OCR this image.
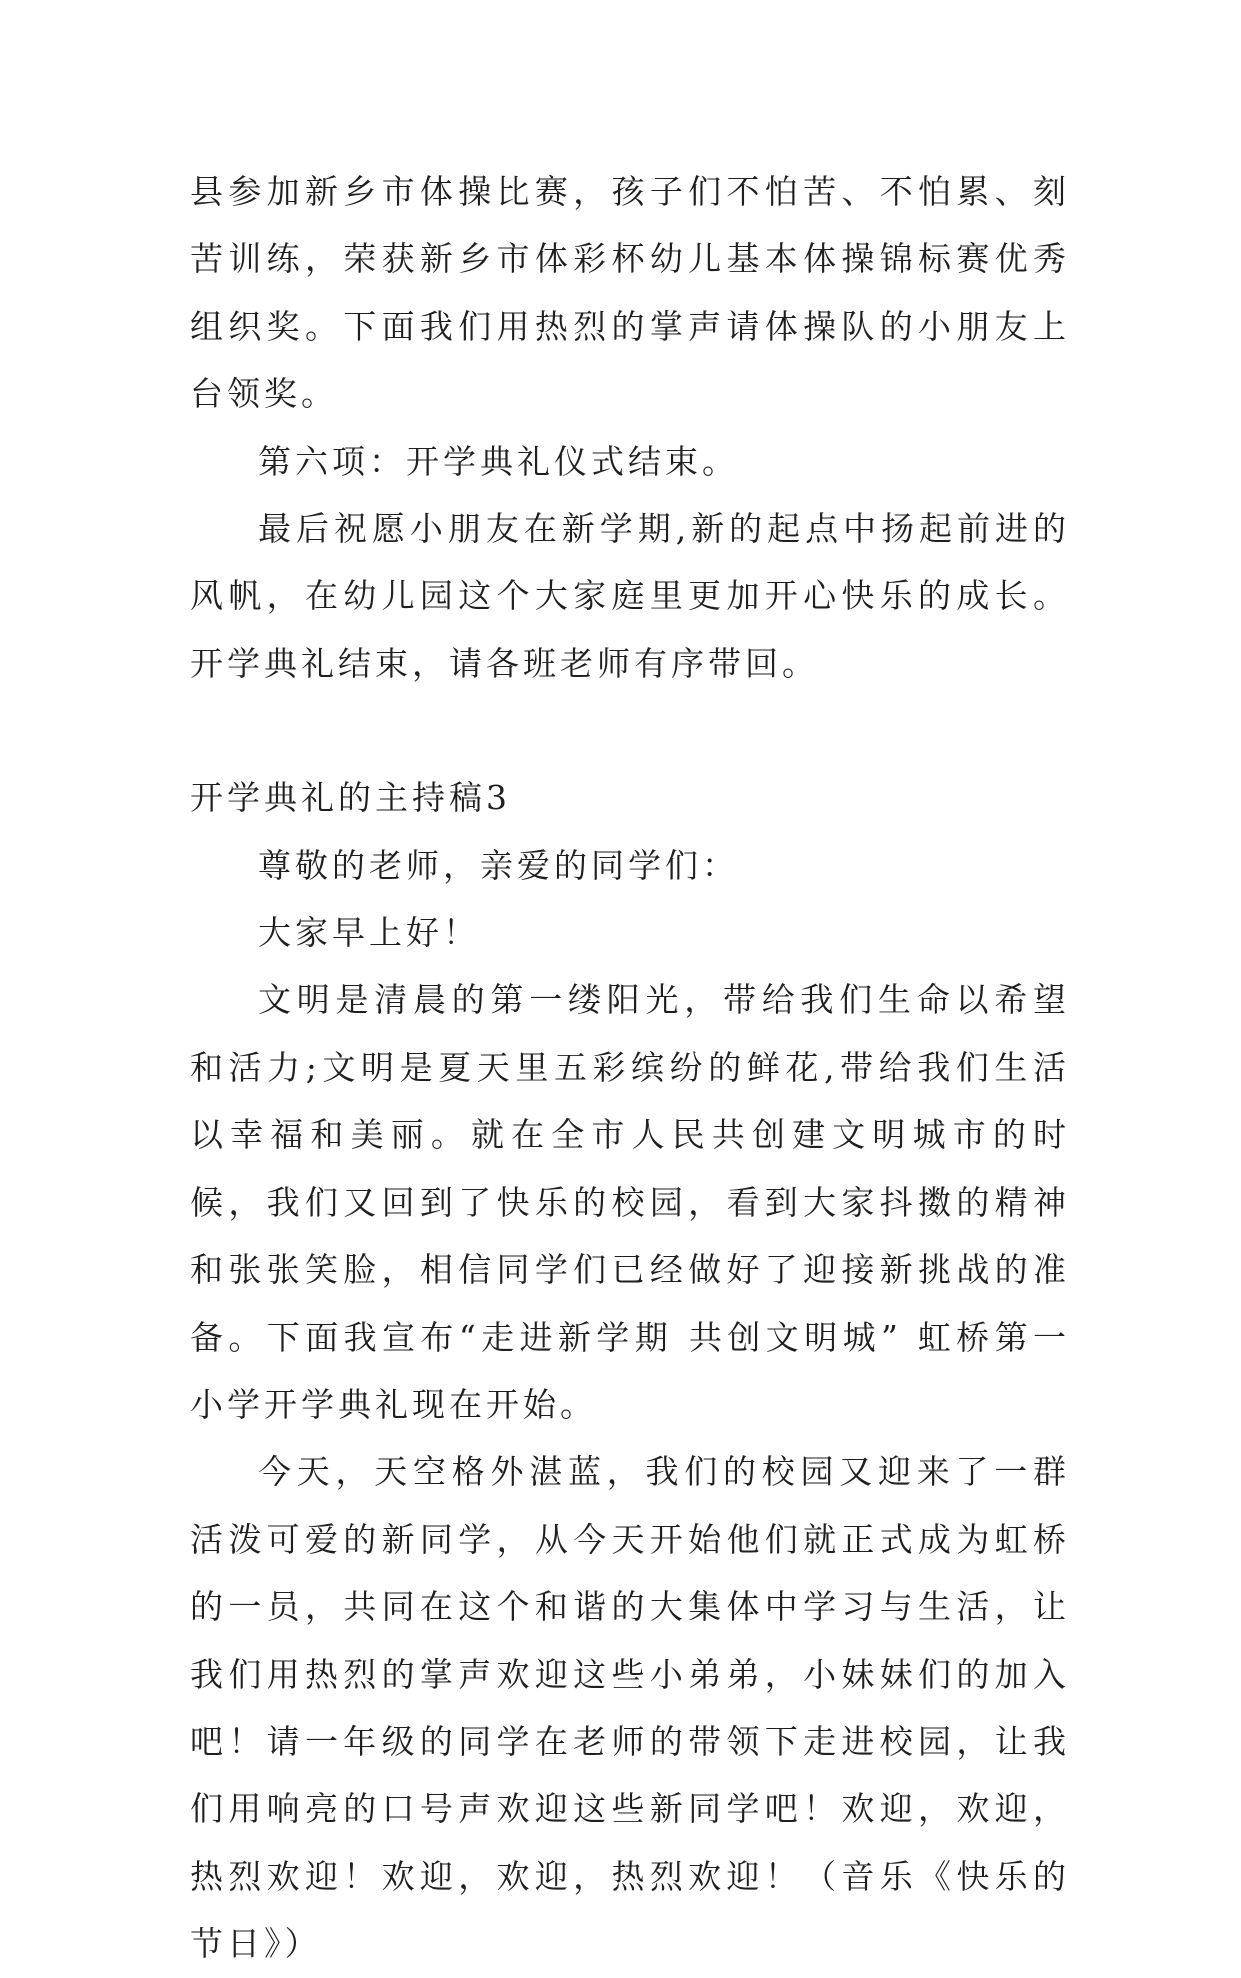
县参加新乡市体操比赛，孩子们不怕苦、不怕累、刻苦训练，荣获新乡市体彩杯幼儿基本体操锦标赛优秀组织奖。下面我们用热烈的掌声请体操队的小朋友上台领奖。

第六项：开学典礼仪式结束。

最后祝愿小朋友在新学期,新的起点中扬起前进的风帆，在幼儿园这个大家庭里更加开心快乐的成长。开学典礼结束，请各班老师有序带回。

开学典礼的主持稿3

尊敬的老师，亲爱的同学们：

大家早上好！

文明是清晨的第一缕阳光，带给我们生命以希望和活力;文明是夏天里五彩缤纷的鲜花,带给我们生活以幸福和美丽。就在全市人民共创建文明城市的时候，我们又回到了快乐的校园，看到大家抖擞的精神和张张笑脸，相信同学们已经做好了迎接新挑战的准备。下面我宣布“走进新学期 共创文明城” 虹桥第一小学开学典礼现在开始。

今天，天空格外湛蓝，我们的校园又迎来了一群活泼可爱的新同学，从今天开始他们就正式成为虹桥的一员，共同在这个和谐的大集体中学习与生活，让我们用热烈的掌声欢迎这些小弟弟，小妹妹们的加入吧！请一年级的同学在老师的带领下走进校园，让我们用响亮的口号声欢迎这些新同学吧！欢迎，欢迎，热烈欢迎！欢迎，欢迎，热烈欢迎！（音乐《快乐的节日》）
